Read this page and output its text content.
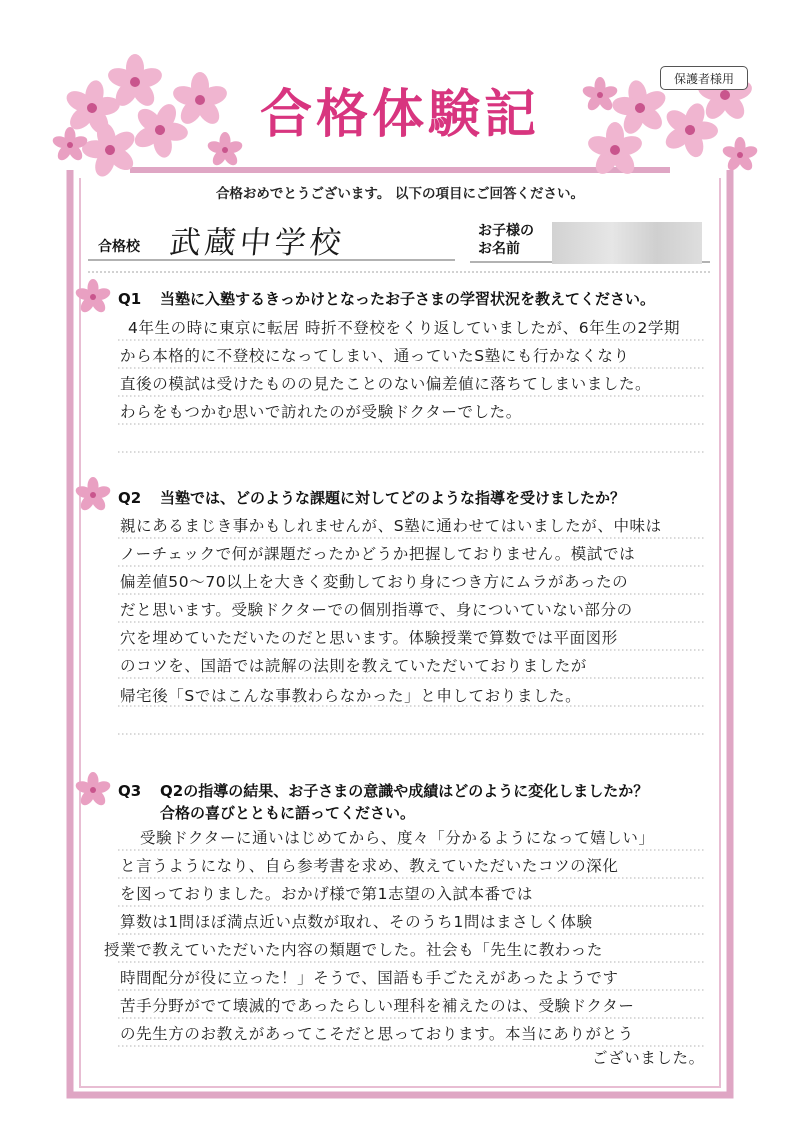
保護者様用
合格体験記
合格おめでとうございます。 以下の項目にご回答ください。
合格校 武蔵中学校	お子様の
お名前
Q1 当塾に入塾するきっかけとなったお子さまの学習状況を教えてください。
4年生の時に東京に転居 時折不登校をくり返していましたが、6年生の2学期
から本格的に不登校になってしまい、通っていたS塾にも行かなくなり
直後の模試は受けたものの見たことのない偏差値に落ちてしまいました。
わらをもつかむ思いで訪れたのが受験ドクターでした。
Q2 当塾では、どのような課題に対してどのような指導を受けましたか？
親にあるまじき事かもしれませんが、S塾に通わせてはいましたが、中味は
ノーチェックで何が課題だったかどうか把握しておりません。模試では
偏差値50〜70以上を大きく変動しており身につき方にムラがあったの
だと思います。受験ドクターでの個別指導で、身についていない部分の
穴を埋めていただいたのだと思います。体験授業で算数では平面図形
のコツを、国語では読解の法則を教えていただいておりましたが
帰宅後「Sではこんな事教わらなかった」と申しておりました。
Q3 Q2の指導の結果、お子さまの意識や成績はどのように変化しましたか？
合格の喜びとともに語ってください。
受験ドクターに通いはじめてから、度々「分かるようになって嬉しい」
と言うようになり、自ら参考書を求め、教えていただいたコツの深化
を図っておりました。おかげ様で第1志望の入試本番では
算数は1問ほぼ満点近い点数が取れ、そのうち1問はまさしく体験
授業で教えていただいた内容の類題でした。社会も「先生に教わった
時間配分が役に立った！」そうで、国語も手ごたえがあったようです
苦手分野がでて壊滅的であったらしい理科を補えたのは、受験ドクター
の先生方のお教えがあってこそだと思っております。本当にありがとう
ございました。
